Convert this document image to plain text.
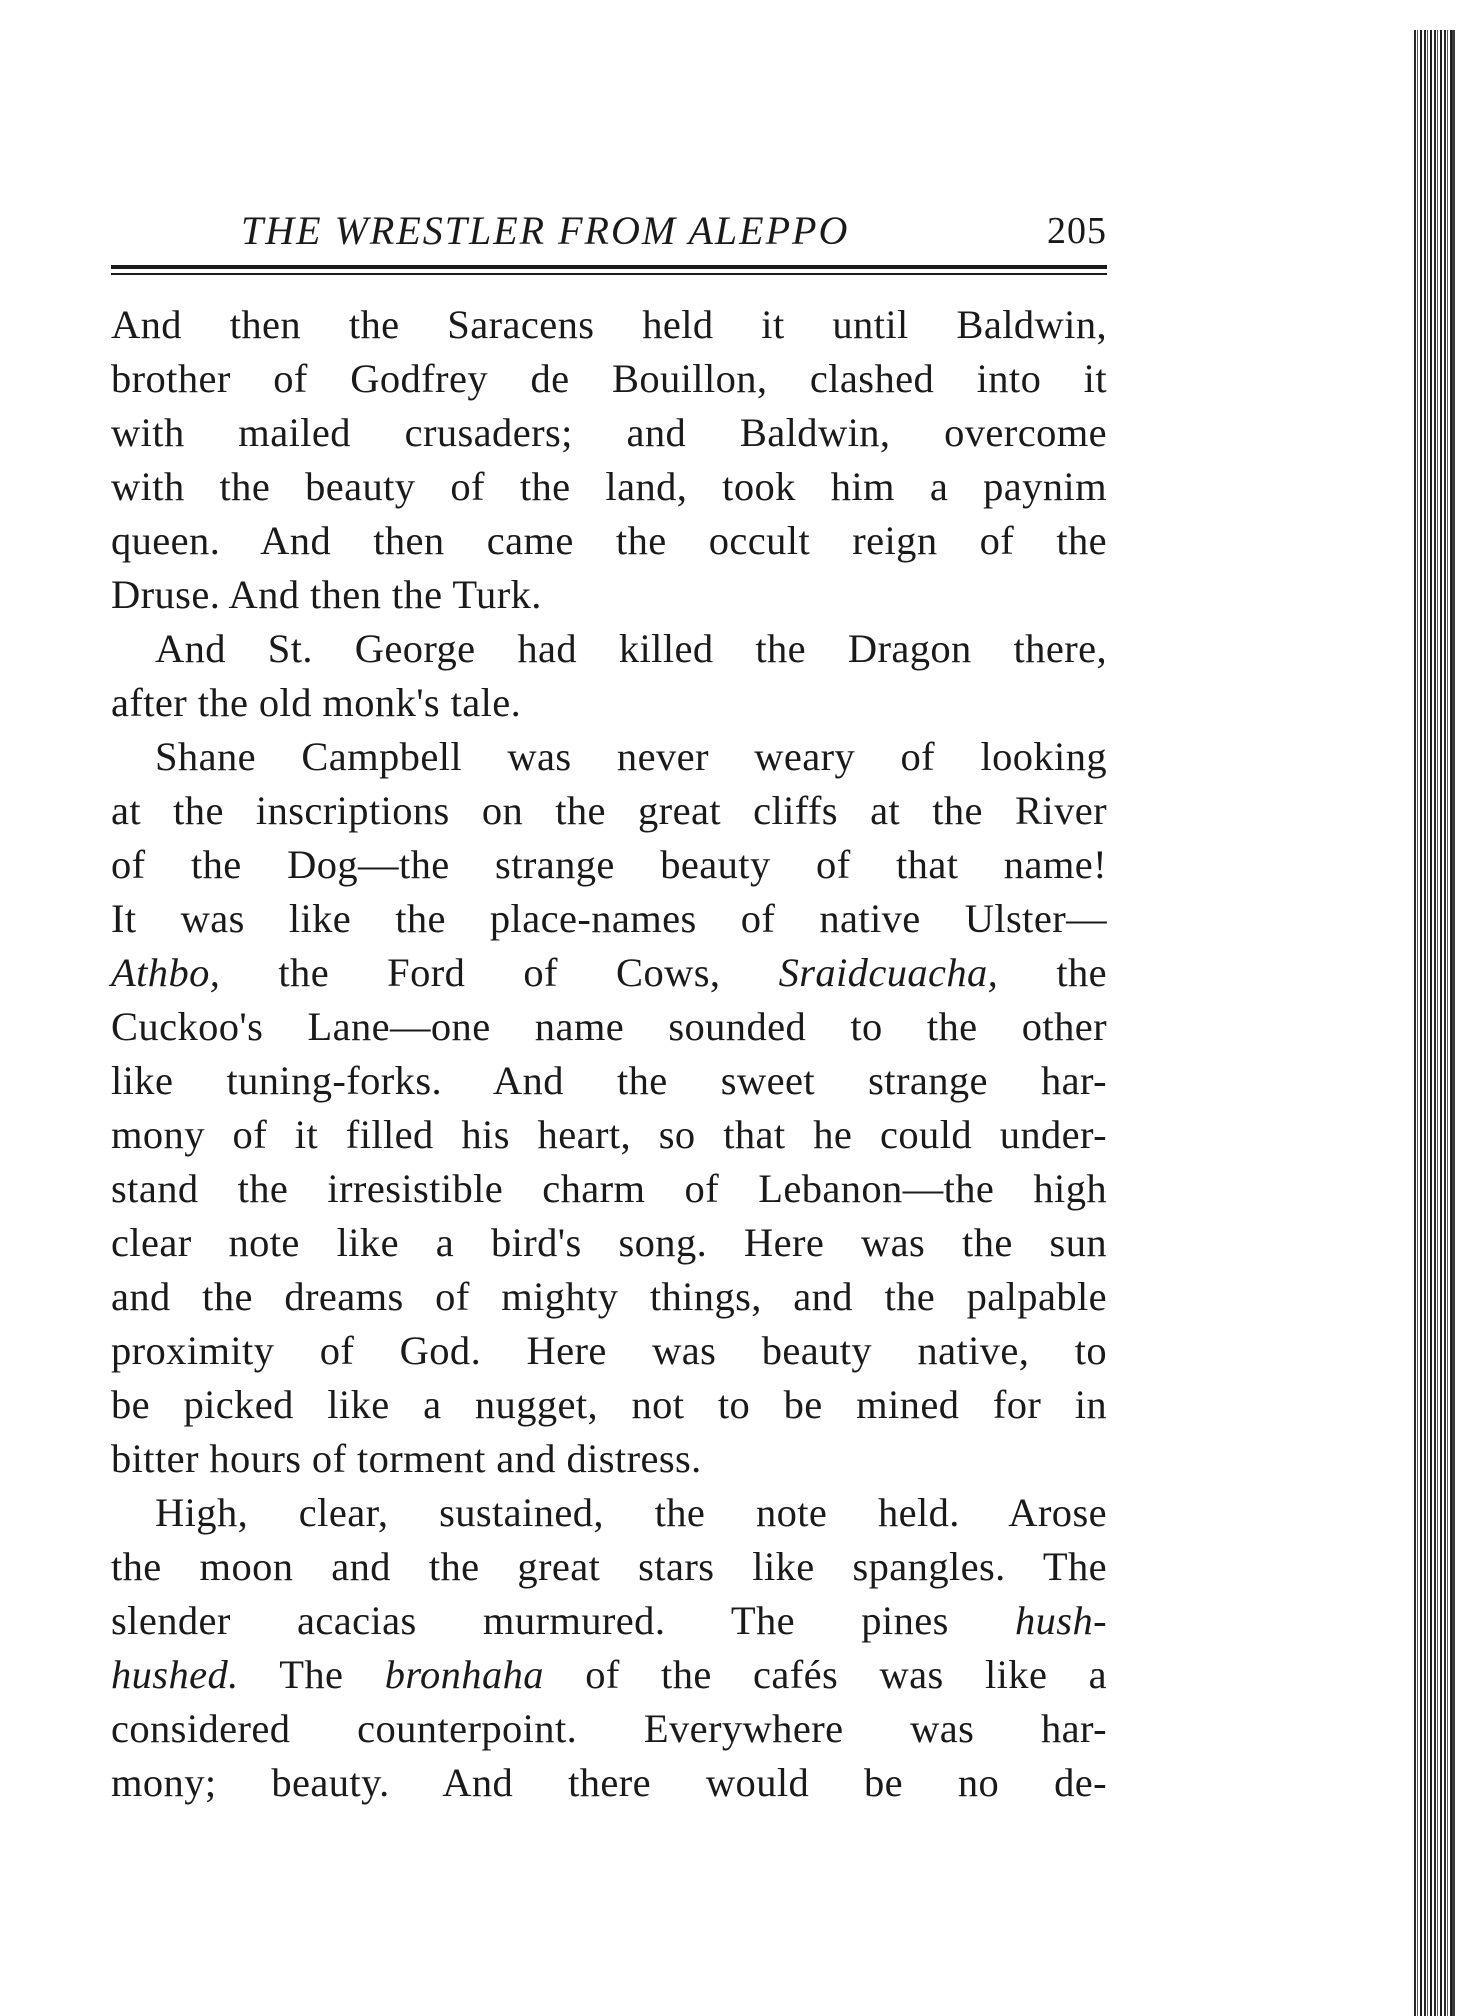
THE WRESTLER FROM ALEPPO	205
And then the Saracens held it until Baldwin,
brother of Godfrey de Bouillon, clashed into it
with mailed crusaders; and Baldwin, overcome
with the beauty of the land, took him a paynim
queen. And then came the occult reign of the
Druse. And then the Turk.
And St. George had killed the Dragon there,
after the old monk's tale.
Shane Campbell was never weary of looking
at the inscriptions on the great cliffs at the River
of the Dog—the strange beauty of that name!
It was like the place-names of native Ulster—
Athbo, the Ford of Cows, Sraidcuacha, the
Cuckoo's Lane—one name sounded to the other
like tuning-forks. And the sweet strange har-
mony of it filled his heart, so that he could under-
stand the irresistible charm of Lebanon—the high
clear note like a bird's song. Here was the sun
and the dreams of mighty things, and the palpable
proximity of God. Here was beauty native, to
be picked like a nugget, not to be mined for in
bitter hours of torment and distress.
High, clear, sustained, the note held. Arose
the moon and the great stars like spangles. The
slender acacias murmured. The pines hush-
hushed. The bronhaha of the cafés was like a
considered counterpoint. Everywhere was har-
mony; beauty. And there would be no de-
